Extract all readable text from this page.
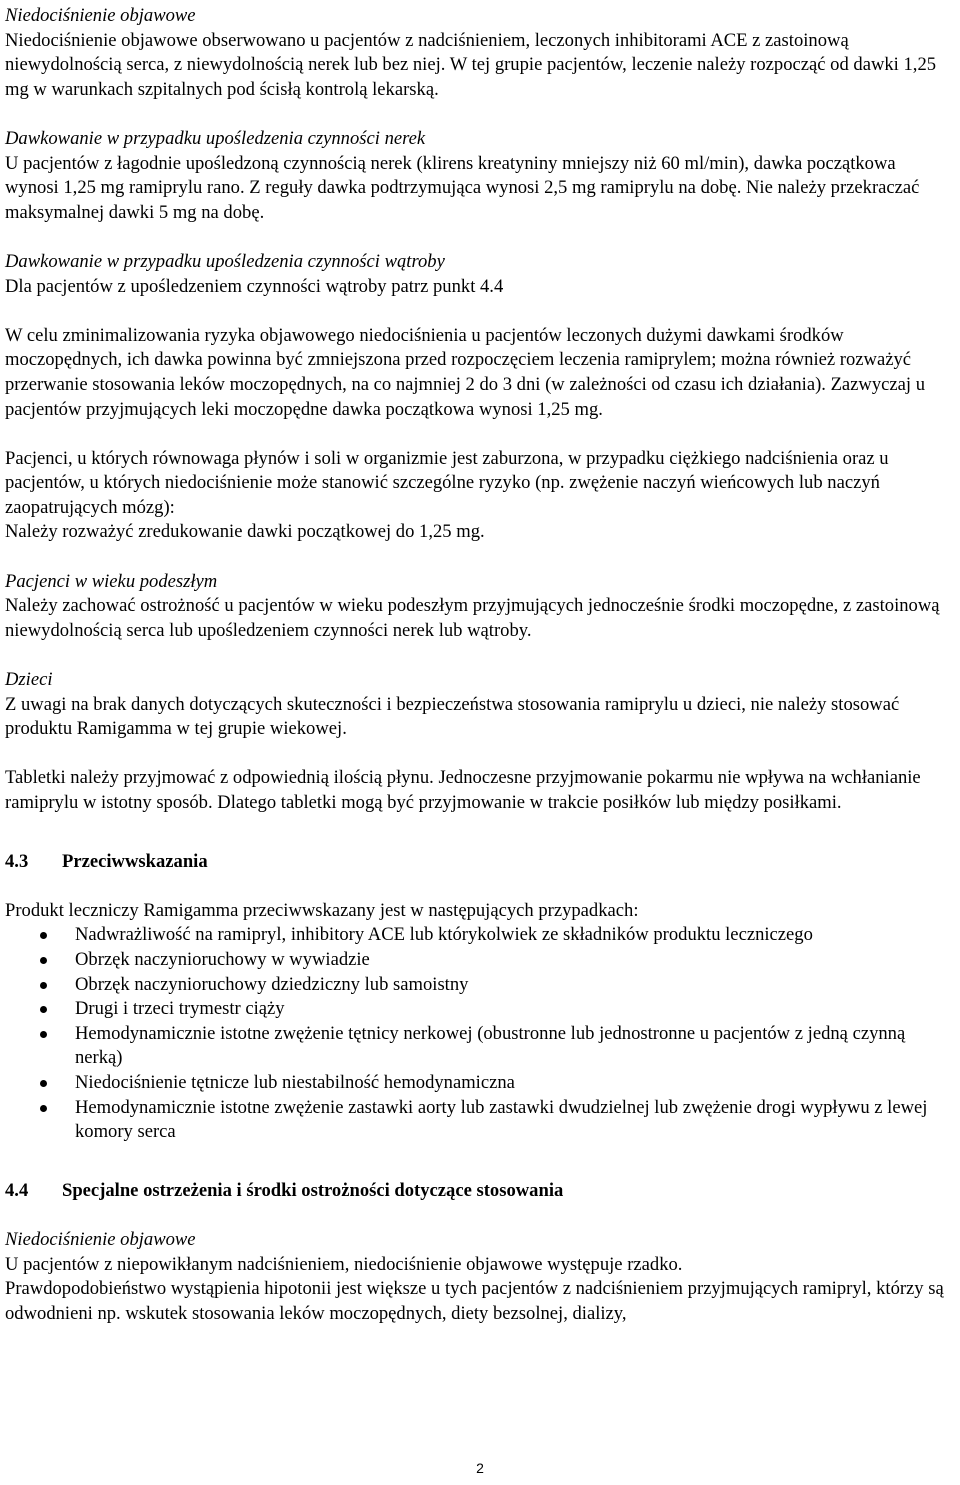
Niedociśnienie objawowe

Niedociśnienie objawowe obserwowano u pacjentów z nadciśnieniem, leczonych inhibitorami ACE z zastoinową niewydolnością serca, z niewydolnością nerek lub bez niej. W tej grupie pacjentów, leczenie należy rozpocząć od dawki 1,25 mg w warunkach szpitalnych pod ścisłą kontrolą lekarską.

Dawkowanie w przypadku upośledzenia czynności nerek

U pacjentów z łagodnie upośledzoną czynnością nerek (klirens kreatyniny mniejszy niż 60 ml/min), dawka początkowa wynosi 1,25 mg ramiprylu rano. Z reguły dawka podtrzymująca wynosi 2,5 mg ramiprylu na dobę. Nie należy przekraczać maksymalnej dawki 5 mg na dobę.

Dawkowanie w przypadku upośledzenia czynności wątroby

Dla pacjentów z upośledzeniem czynności wątroby patrz punkt 4.4

W celu zminimalizowania ryzyka objawowego niedociśnienia u pacjentów leczonych dużymi dawkami środków moczopędnych, ich dawka powinna być zmniejszona przed rozpoczęciem leczenia ramiprylem; można również rozważyć przerwanie stosowania leków moczopędnych, na co najmniej 2 do 3 dni (w zależności od czasu ich działania). Zazwyczaj u pacjentów przyjmujących leki moczopędne dawka początkowa wynosi 1,25 mg.

Pacjenci, u których równowaga płynów i soli w organizmie jest zaburzona, w przypadku ciężkiego nadciśnienia oraz u pacjentów, u których niedociśnienie może stanowić szczególne ryzyko (np. zwężenie naczyń wieńcowych lub naczyń zaopatrujących mózg):

Należy rozważyć zredukowanie dawki początkowej do 1,25 mg.

Pacjenci w wieku podeszłym

Należy zachować ostrożność u pacjentów w wieku podeszłym przyjmujących jednocześnie środki moczopędne, z zastoinową niewydolnością serca lub upośledzeniem czynności nerek lub wątroby.

Dzieci

Z uwagi na brak danych dotyczących skuteczności i bezpieczeństwa stosowania ramiprylu u dzieci, nie należy stosować produktu Ramigamma w tej grupie wiekowej.

Tabletki należy przyjmować z odpowiednią ilością płynu. Jednoczesne przyjmowanie pokarmu nie wpływa na wchłanianie ramiprylu w istotny sposób. Dlatego tabletki mogą być przyjmowanie w trakcie posiłków lub między posiłkami.

4.3 Przeciwwskazania

Produkt leczniczy Ramigamma przeciwwskazany jest w następujących przypadkach:

Nadwrażliwość na ramipryl, inhibitory ACE lub którykolwiek ze składników produktu leczniczego
Obrzęk naczynioruchowy w wywiadzie
Obrzęk naczynioruchowy dziedziczny lub samoistny
Drugi i trzeci trymestr ciąży
Hemodynamicznie istotne zwężenie tętnicy nerkowej (obustronne lub jednostronne u pacjentów z jedną czynną nerką)
Niedociśnienie tętnicze lub niestabilność hemodynamiczna
Hemodynamicznie istotne zwężenie zastawki aorty lub zastawki dwudzielnej lub zwężenie drogi wypływu z lewej komory serca
4.4 Specjalne ostrzeżenia i środki ostrożności dotyczące stosowania

Niedociśnienie objawowe

U pacjentów z niepowikłanym nadciśnieniem, niedociśnienie objawowe występuje rzadko.

Prawdopodobieństwo wystąpienia hipotonii jest większe u tych pacjentów z nadciśnieniem przyjmujących ramipryl, którzy są odwodnieni np. wskutek stosowania leków moczopędnych, diety bezsolnej, dializy,

2
